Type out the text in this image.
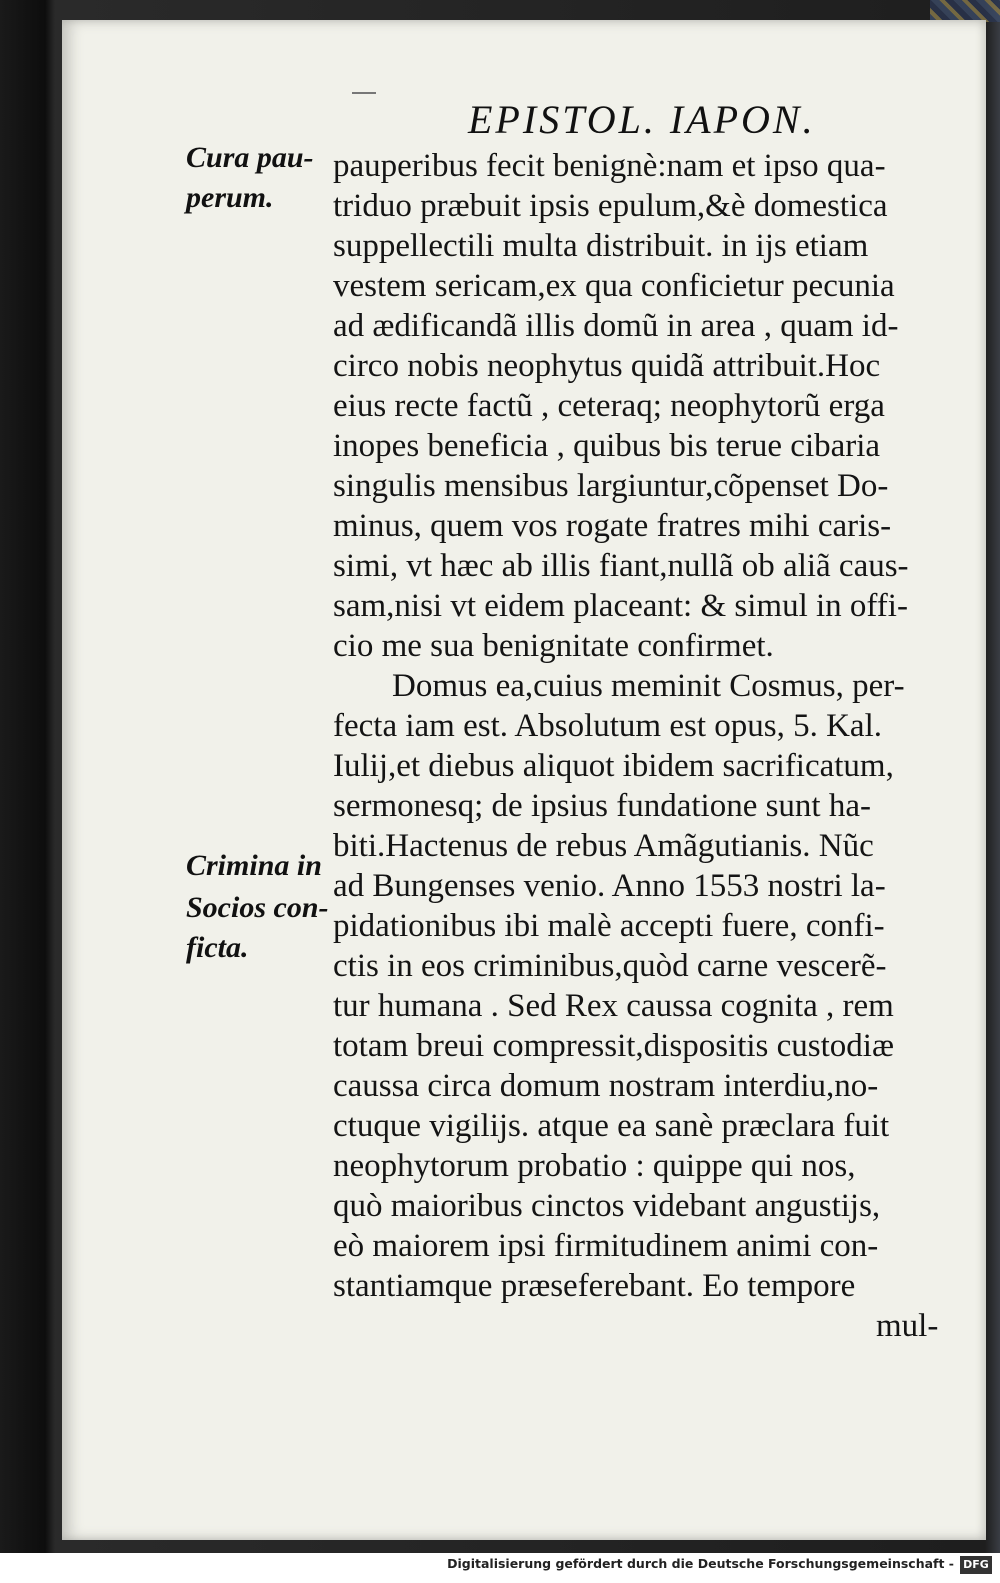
EPISTOL. IAPON.
Cura pau-
perum.
Crimina in
Socios con-
ficta.
pauperibus fecit benignè:nam et ipso qua-
triduo præbuit ipsis epulum,&è domestica
suppellectili multa distribuit. in ijs etiam
vestem sericam,ex qua conficietur pecunia
ad ædificandã illis domũ in area , quam id-
circo nobis neophytus quidã attribuit.Hoc
eius recte factũ , ceteraq; neophytorũ erga
inopes beneficia , quibus bis terue cibaria
singulis mensibus largiuntur,cõpenset Do-
minus, quem vos rogate fratres mihi caris-
simi, vt hæc ab illis fiant,nullã ob aliã caus-
sam,nisi vt eidem placeant: & simul in offi-
cio me sua benignitate confirmet.
Domus ea,cuius meminit Cosmus, per-
fecta iam est. Absolutum est opus, 5. Kal.
Iulij,et diebus aliquot ibidem sacrificatum,
sermonesq; de ipsius fundatione sunt ha-
biti.Hactenus de rebus Amãgutianis. Nũc
ad Bungenses venio. Anno 1553 nostri la-
pidationibus ibi malè accepti fuere, confi-
ctis in eos criminibus,quòd carne vescerẽ-
tur humana . Sed Rex caussa cognita , rem
totam breui compressit,dispositis custodiæ
caussa circa domum nostram interdiu,no-
ctuque vigilijs. atque ea sanè præclara fuit
neophytorum probatio : quippe qui nos,
quò maioribus cinctos videbant angustijs,
eò maiorem ipsi firmitudinem animi con-
stantiamque præseferebant. Eo tempore
mul-
Digitalisierung gefördert durch die Deutsche Forschungsgemeinschaft - DFG
